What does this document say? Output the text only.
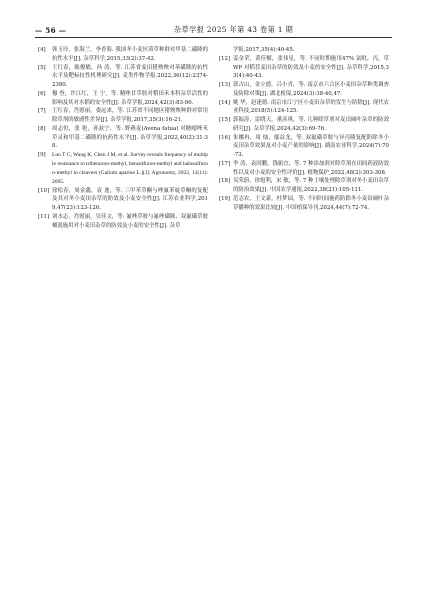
— 56 —	杂草学报 2025 年第 43 卷第 1 期
[4]	韩玉玲，张海兰，李香菊. 我国冬小麦区茵草种群对甲基二磺隆的抗性水平[J]. 杂草科学,2015,33(2):37-42.
[5]	王红春，陈俊敏，孙 涛，等. 江苏省麦田猪殃殃对苯磺隆的抗性水平及靶标抗性机理研究[J]. 麦类作物学报,2022,36(12):2374-2380.
[6]	穆 登，许江红，王 宁，等. 精唑甘草胺对稻田禾本科杂草活性的影响及其对水稻的安全性[J]. 杂草学报,2024,42(3):83-90.
[7]	王红春，肖慰丽，娄远来，等. 江苏省不同地区猪殃殃种群对常用除草剂的敏感性差异[J]. 杂草学报,2017,35(3):16-21.
[8]	周志恒，张 艳，孙兹宁，等. 野燕麦(Avena fatua) 对精噁唑禾草灵和甲基二磺隆的抗药性水平[J]. 杂草学报,2022,40(2):31-38.
[9]	Luo T C, Wang K, Chen J M, et al. Survey reveals frequency of multiple resistance to tribenuron-methyl, bensulfuron-methyl and halosulfuron-methyl in cleavers (Galium aparine L.)[J]. Agronomy, 2022, 12(11):2695.
[10] 徐松春，周金鑫，袁 逸，等. 三甲苯草酮与唑氟苯啶草酮的复配及其对冬小麦田杂草的防效及小麦安全性[J]. 江苏农业科学,2019,47(23):123-126.
[11] 刘水志，肖慰丽，吴佳文，等. 氟唑草胺与氟唑磺隆、双氟磺草胺桶混施用对小麦田杂草的防效及小麦的安全性[J]. 杂草
学报,2017,35(4):40-45.
[12] 姜金荣，黄佳榴，张伟星，等. 不同时期施用47% 氯吡，丙，草 WP 对稻茬麦田杂草的防效及小麦的安全性[J]. 杂草科学,2015,33(4):40-43.
[13] 郭吉山，金立德，吕小青，等. 南京市六合区小麦田杂草种类调查及防除对策[J]. 湖北植保,2024(3):38-40,47.
[14] 姚 华，赵迷德. 南京市江宁区小麦田杂草的发生与防除[J]. 现代农业科技,2018(5):124-125.
[15] 郭振涛，雷晓天，董彦琪，等. 几种除草剂对麦田阔叶杂草的防效研究[J]. 杂草学报,2024,42(3):69-76.
[16] 朱娜冉，周 灿，鄢益龙，等. 双氟磺草胺与异丙隆复配防除冬小麦田杂草效果及对小麦产量的影响[J]. 湖南农业科学,2024(7):70-73.
[17] 李 涛，袁国鹏，钱振宜，等. 7 种添加剂对除草剂在田间药液防效性以及对小麦的安全性评价[J]. 植物保护,2022,48(2):303-308.
[18] 吴荣蔚，徐旭利，宋 敏，等. 7 种土壤处理除草剂对冬小麦田杂草的防治效果[J]. 中国农学通报,2022,38(21):105-111.
[19] 范志农，王文豪，杜梦园，等. 不同时间施药防除冬小麦田阔叶杂草播种的效果比较[J]. 中国植保导刊,2024,44(7):72-74.
